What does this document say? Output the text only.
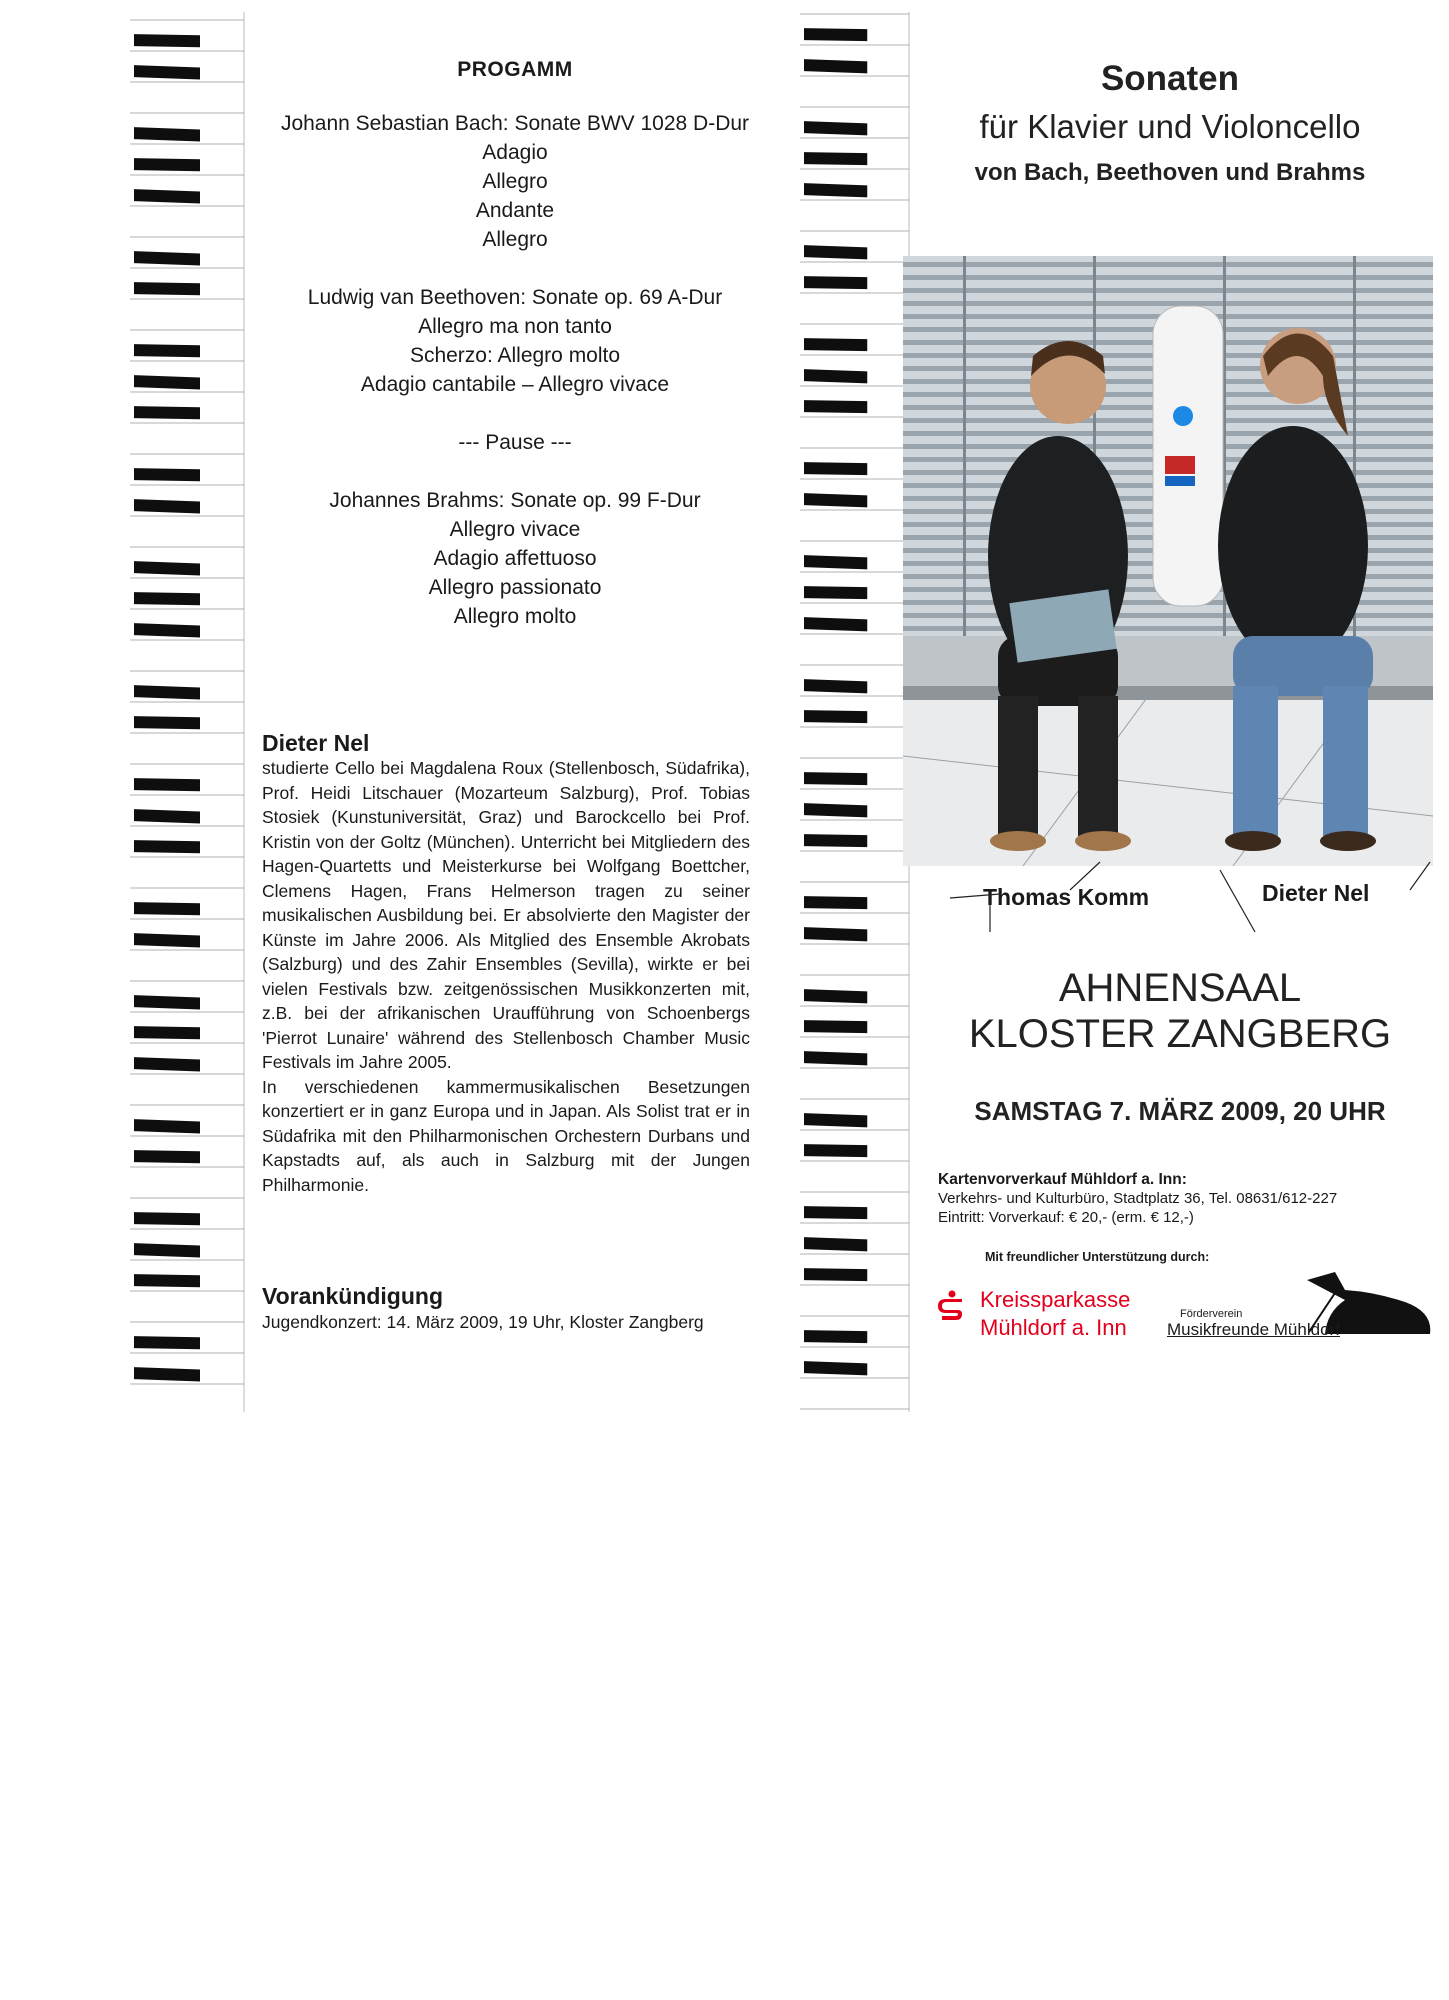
PROGAMM
Johann Sebastian Bach: Sonate BWV 1028 D-Dur
Adagio
Allegro
Andante
Allegro
Ludwig van Beethoven: Sonate op. 69 A-Dur
Allegro ma non tanto
Scherzo: Allegro molto
Adagio cantabile – Allegro vivace
--- Pause ---
Johannes Brahms: Sonate op. 99 F-Dur
Allegro vivace
Adagio affettuoso
Allegro passionato
Allegro molto
Dieter Nel
studierte Cello bei Magdalena Roux (Stellenbosch, Südafrika), Prof. Heidi Litschauer (Mozarteum Salzburg), Prof. Tobias Stosiek (Kunstuniversität, Graz) und Barockcello bei Prof. Kristin von der Goltz (München). Unterricht bei Mitgliedern des Hagen-Quartetts und Meisterkurse bei Wolfgang Boettcher, Clemens Hagen, Frans Helmerson tragen zu seiner musikalischen Ausbildung bei. Er absolvierte den Magister der Künste im Jahre 2006. Als Mitglied des Ensemble Akrobats (Salzburg) und des Zahir Ensembles (Sevilla), wirkte er bei vielen Festivals bzw. zeitgenössischen Musikkonzerten mit, z.B. bei der afrikanischen Uraufführung von Schoenbergs 'Pierrot Lunaire' während des Stellenbosch Chamber Music Festivals im Jahre 2005.
In verschiedenen kammermusikalischen Besetzungen konzertiert er in ganz Europa und in Japan. Als Solist trat er in Südafrika mit den Philharmonischen Orchestern Durbans und Kapstadts auf, als auch in Salzburg mit der Jungen Philharmonie.
Vorankündigung
Jugendkonzert: 14. März 2009, 19 Uhr, Kloster Zangberg
Sonaten
für Klavier und Violoncello
von Bach, Beethoven und Brahms
Thomas Komm	Dieter Nel
AHNENSAAL
KLOSTER ZANGBERG
SAMSTAG 7. MÄRZ 2009, 20 UHR
Kartenvorverkauf Mühldorf a. Inn:
Verkehrs- und Kulturbüro, Stadtplatz 36, Tel. 08631/612-227
Eintritt: Vorverkauf: € 20,- (erm. € 12,-)
Mit freundlicher Unterstützung durch:
Kreissparkasse
Mühldorf a. Inn
Förderverein
Musikfreunde Mühldorf
